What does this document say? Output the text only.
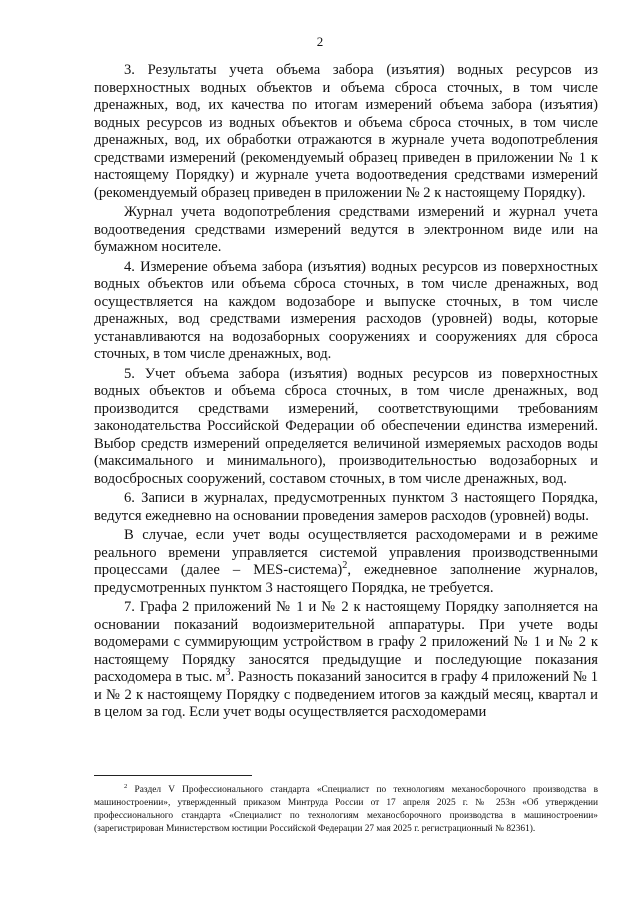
2

3. Результаты учета объема забора (изъятия) водных ресурсов из поверхностных водных объектов и объема сброса сточных, в том числе дренажных, вод, их качества по итогам измерений объема забора (изъятия) водных ресурсов из водных объектов и объема сброса сточных, в том числе дренажных, вод, их обработки отражаются в журнале учета водопотребления средствами измерений (рекомендуемый образец приведен в приложении № 1 к настоящему Порядку) и журнале учета водоотведения средствами измерений (рекомендуемый образец приведен в приложении № 2 к настоящему Порядку).

Журнал учета водопотребления средствами измерений и журнал учета водоотведения средствами измерений ведутся в электронном виде или на бумажном носителе.

4. Измерение объема забора (изъятия) водных ресурсов из поверхностных водных объектов или объема сброса сточных, в том числе дренажных, вод осуществляется на каждом водозаборе и выпуске сточных, в том числе дренажных, вод средствами измерения расходов (уровней) воды, которые устанавливаются на водозаборных сооружениях и сооружениях для сброса сточных, в том числе дренажных, вод.

5. Учет объема забора (изъятия) водных ресурсов из поверхностных водных объектов и объема сброса сточных, в том числе дренажных, вод производится средствами измерений, соответствующими требованиям законодательства Российской Федерации об обеспечении единства измерений. Выбор средств измерений определяется величиной измеряемых расходов воды (максимального и минимального), производительностью водозаборных и водосбросных сооружений, составом сточных, в том числе дренажных, вод.

6. Записи в журналах, предусмотренных пунктом 3 настоящего Порядка, ведутся ежедневно на основании проведения замеров расходов (уровней) воды.

В случае, если учет воды осуществляется расходомерами и в режиме реального времени управляется системой управления производственными процессами (далее – MES-система)$^2$, ежедневное заполнение журналов, предусмотренных пунктом 3 настоящего Порядка, не требуется.

7. Графа 2 приложений № 1 и № 2 к настоящему Порядку заполняется на основании показаний водоизмерительной аппаратуры. При учете воды водомерами с суммирующим устройством в графу 2 приложений № 1 и № 2 к настоящему Порядку заносятся предыдущие и последующие показания расходомера в тыс. $м^3$. Разность показаний заносится в графу 4 приложений № 1 и № 2 к настоящему Порядку с подведением итогов за каждый месяц, квартал и в целом за год. Если учет воды осуществляется расходомерами

$^2$ Раздел V Профессионального стандарта «Специалист по технологиям механосборочного производства в машиностроении», утвержденный приказом Минтруда России от 17 апреля 2025 г. № 253н «Об утверждении профессионального стандарта «Специалист по технологиям механосборочного производства в машиностроении» (зарегистрирован Министерством юстиции Российской Федерации 27 мая 2025 г. регистрационный № 82361).
